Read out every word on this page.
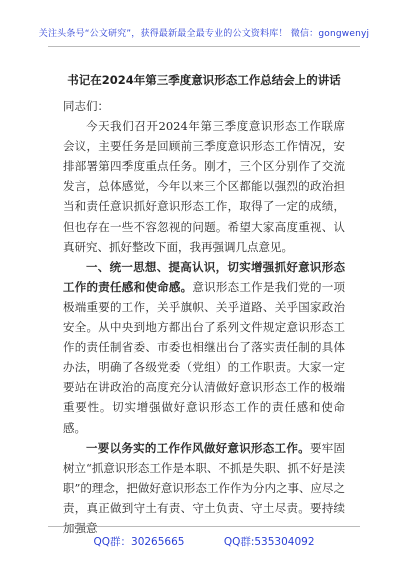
关注头条号“公文研究”，获得最新最全最专业的公文资料库！ 微信：gongwenyj
书记在2024年第三季度意识形态工作总结会上的讲话

同志们：

今天我们召开2024年第三季度意识形态工作联席会议，主要任务是回顾前三季度意识形态工作情况，安排部署第四季度重点任务。刚才，三个区分别作了交流发言，总体感觉，今年以来三个区都能以强烈的政治担当和责任意识抓好意识形态工作，取得了一定的成绩，但也存在一些不容忽视的问题。希望大家高度重视、认真研究、抓好整改下面，我再强调几点意见。

一、统一思想、提高认识，切实增强抓好意识形态工作的责任感和使命感。意识形态工作是我们党的一项极端重要的工作，关乎旗帜、关乎道路、关乎国家政治安全。从中央到地方都出台了系列文件规定意识形态工作的责任制省委、市委也相继出台了落实责任制的具体办法，明确了各级党委（党组）的工作职责。大家一定要站在讲政治的高度充分认清做好意识形态工作的极端重要性。切实增强做好意识形态工作的责任感和使命感。

一要以务实的工作作风做好意识形态工作。要牢固树立“抓意识形态工作是本职、不抓是失职、抓不好是渎职”的理念，把做好意识形态工作作为分内之事、应尽之责，真正做到守土有责、守土负责、守土尽责。要持续加强意

QQ群：30265665	QQ群:535304092
